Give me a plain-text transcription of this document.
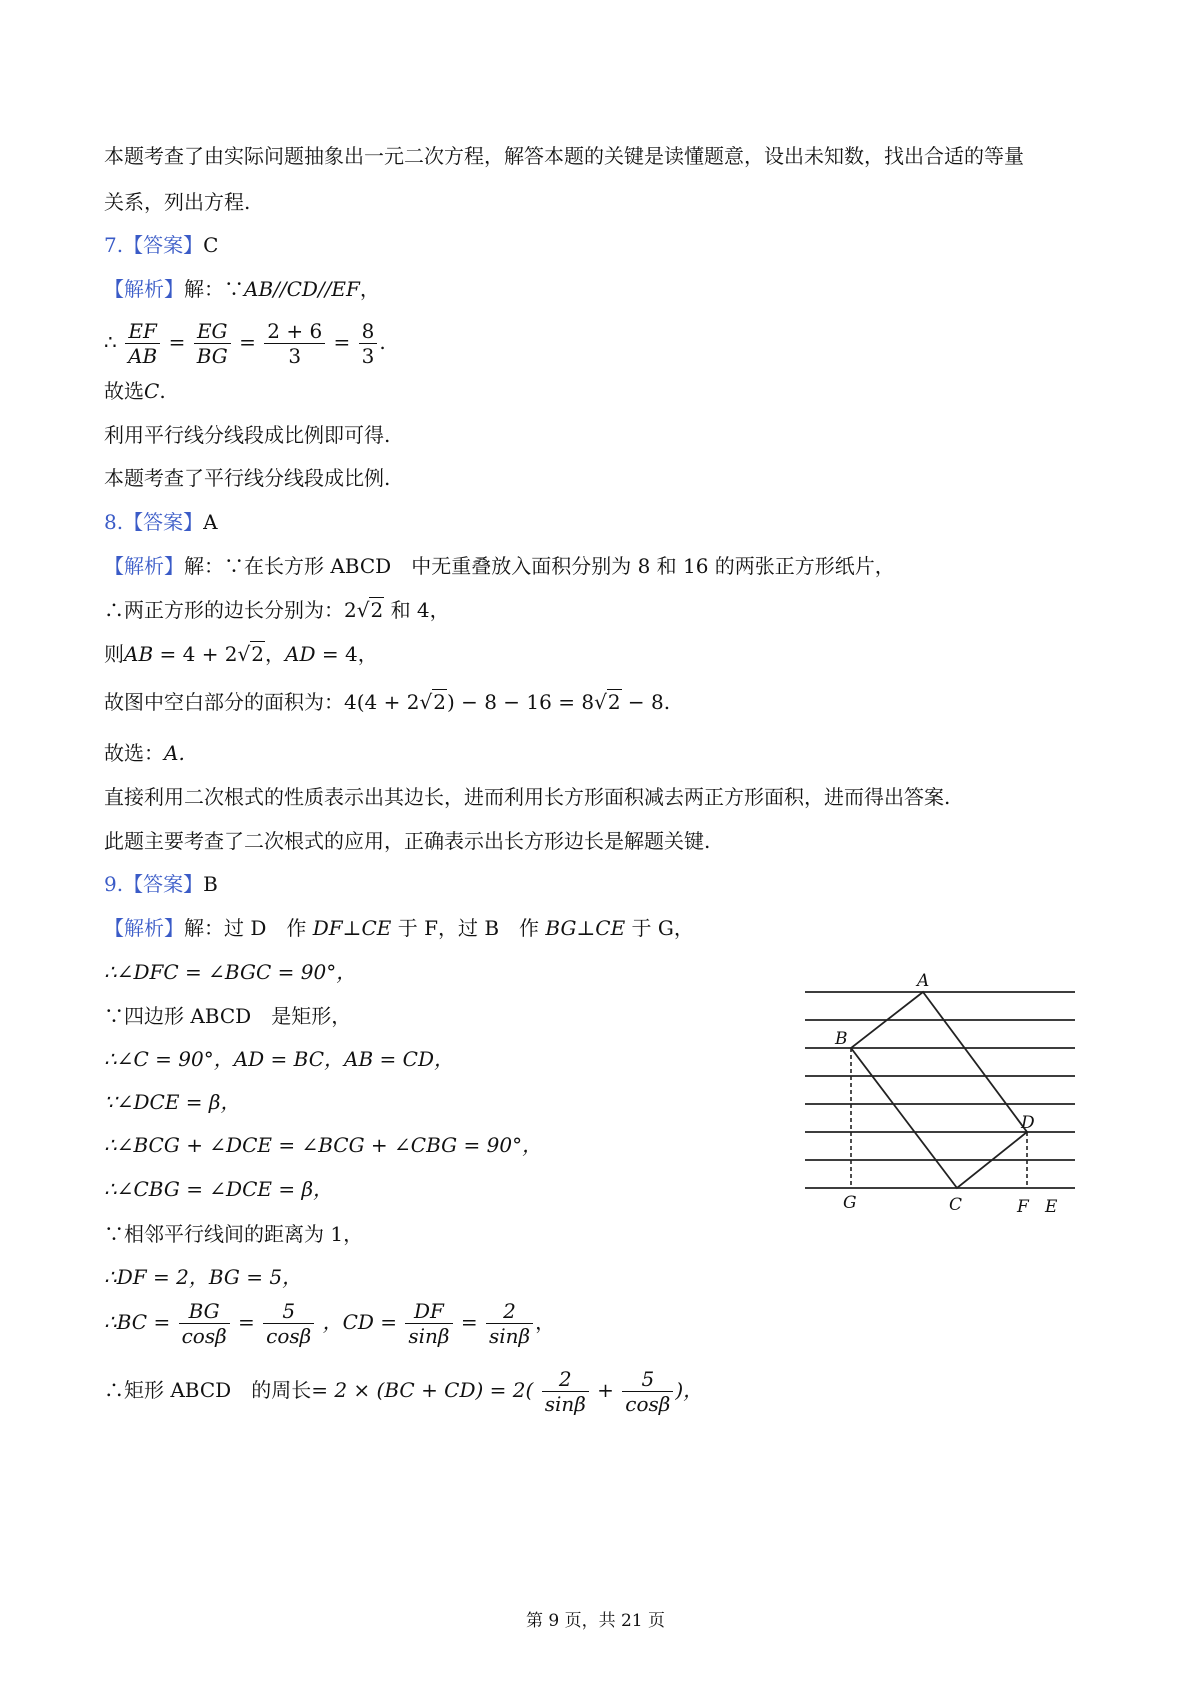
本题考查了由实际问题抽象出一元二次方程，解答本题的关键是读懂题意，设出未知数，找出合适的等量
关系，列出方程.
7.【答案】C
【解析】解：∵AB//CD//EF，
∴ $\frac{EF}{AB} = \frac{EG}{BG} = \frac{2 + 6}{3} = \frac{8}{3}$ .
故选C.
利用平行线分线段成比例即可得.
本题考查了平行线分线段成比例.
8.【答案】A
【解析】解：∵在长方形 ABCD　中无重叠放入面积分别为 8 和 16 的两张正方形纸片，
∴两正方形的边长分别为：2√2 和 4，
则AB = 4 + 2√2，AD = 4，
故图中空白部分的面积为：4(4 + 2√2) − 8 − 16 = 8√2 − 8.
故选：A.
直接利用二次根式的性质表示出其边长，进而利用长方形面积减去两正方形面积，进而得出答案.
此题主要考查了二次根式的应用，正确表示出长方形边长是解题关键.
9.【答案】B
【解析】解：过 D　作 DF⊥CE 于 F，过 B　作 BG⊥CE 于 G，
∴∠DFC = ∠BGC = 90°，
∵四边形 ABCD　是矩形，
∴∠C = 90°，AD = BC，AB = CD，
∵∠DCE = β，
∴∠BCG + ∠DCE = ∠BCG + ∠CBG = 90°，
∴∠CBG = ∠DCE = β，
∵相邻平行线间的距离为 1，
∴DF = 2，BG = 5，
∴BC = $\frac{BG}{\cos\beta} = \frac{5}{\cos\beta}$ ，CD = $\frac{DF}{\sin\beta} = \frac{2}{\sin\beta}$ ，
∴矩形 ABCD　的周长= $2 \times (BC + CD) = 2( \frac{2}{\sin\beta} + \frac{5}{\cos\beta}$ )，
A
B
C
D
G	F E
第 9 页，共 21 页
